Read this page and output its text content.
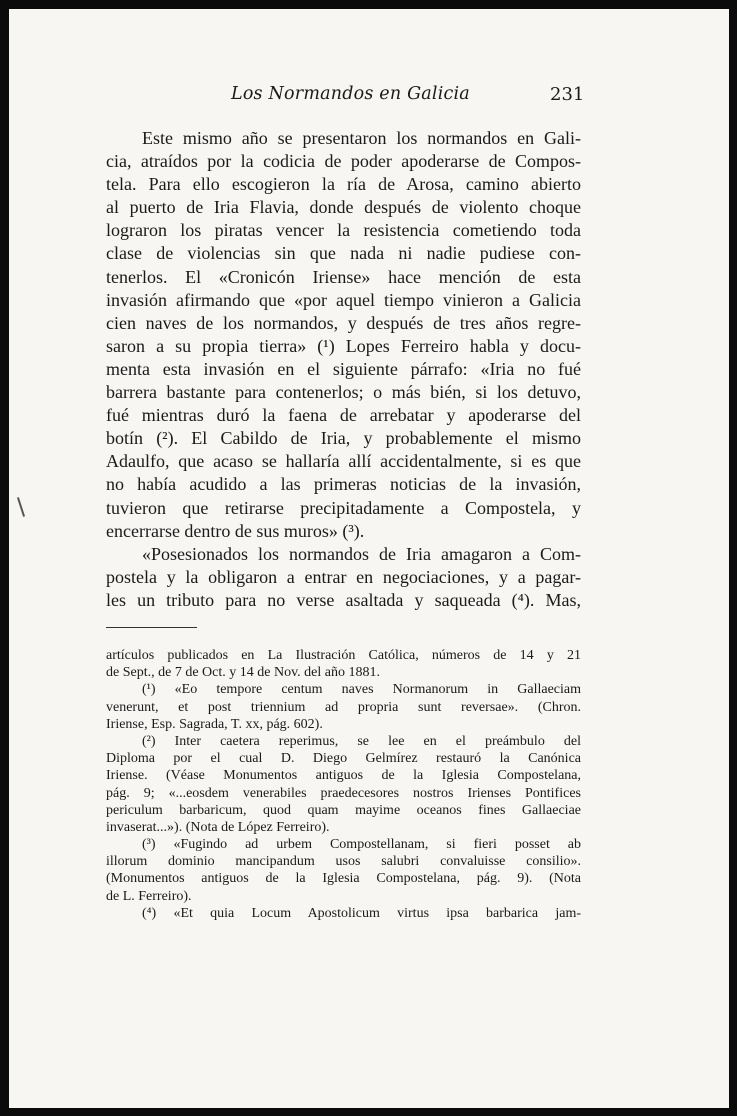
Los Normandos en Galicia	231
Este mismo año se presentaron los normandos en Gali-
cia, atraídos por la codicia de poder apoderarse de Compos-
tela. Para ello escogieron la ría de Arosa, camino abierto
al puerto de Iria Flavia, donde después de violento choque
lograron los piratas vencer la resistencia cometiendo toda
clase de violencias sin que nada ni nadie pudiese con-
tenerlos. El «Cronicón Iriense» hace mención de esta
invasión afirmando que «por aquel tiempo vinieron a Galicia
cien naves de los normandos, y después de tres años regre-
saron a su propia tierra» (¹) Lopes Ferreiro habla y docu-
menta esta invasión en el siguiente párrafo: «Iria no fué
barrera bastante para contenerlos; o más bién, si los detuvo,
fué mientras duró la faena de arrebatar y apoderarse del
botín (²). El Cabildo de Iria, y probablemente el mismo
Adaulfo, que acaso se hallaría allí accidentalmente, si es que
no había acudido a las primeras noticias de la invasión,
tuvieron que retirarse precipitadamente a Compostela, y
encerrarse dentro de sus muros» (³).
«Posesionados los normandos de Iria amagaron a Com-
postela y la obligaron a entrar en negociaciones, y a pagar-
les un tributo para no verse asaltada y saqueada (⁴). Mas,
artículos publicados en La Ilustración Católica, números de 14 y 21
de Sept., de 7 de Oct. y 14 de Nov. del año 1881.
(¹) «Eo tempore centum naves Normanorum in Gallaeciam
venerunt, et post triennium ad propria sunt reversae». (Chron.
Iriense, Esp. Sagrada, T. xx, pág. 602).
(²) Inter caetera reperimus, se lee en el preámbulo del
Diploma por el cual D. Diego Gelmírez restauró la Canónica
Iriense. (Véase Monumentos antiguos de la Iglesia Compostelana,
pág. 9; «...eosdem venerabiles praedecesores nostros Irienses Pontifices
periculum barbaricum, quod quam mayime oceanos fines Gallaeciae
invaserat...»). (Nota de López Ferreiro).
(³) «Fugindo ad urbem Compostellanam, si fieri posset ab
illorum dominio mancipandum usos salubri convaluisse consilio».
(Monumentos antiguos de la Iglesia Compostelana, pág. 9). (Nota
de L. Ferreiro).
(⁴) «Et quia Locum Apostolicum virtus ipsa barbarica jam-
